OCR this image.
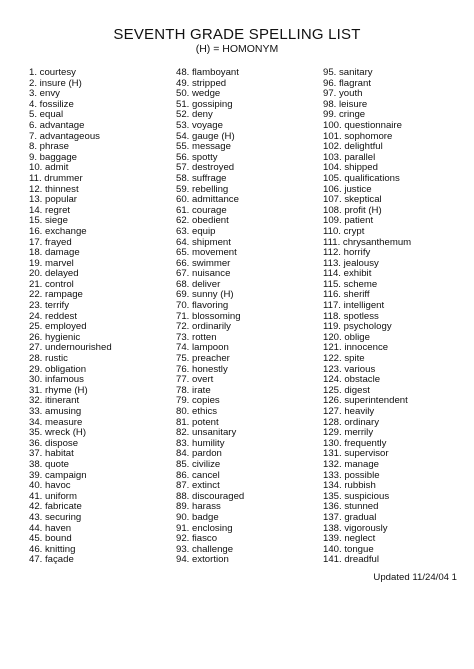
SEVENTH GRADE SPELLING LIST
(H) = HOMONYM
1. courtesy
2. insure (H)
3. envy
4. fossilize
5. equal
6. advantage
7. advantageous
8. phrase
9. baggage
10. admit
11. drummer
12. thinnest
13. popular
14. regret
15. siege
16. exchange
17. frayed
18. damage
19. marvel
20. delayed
21. control
22. rampage
23. terrify
24. reddest
25. employed
26. hygienic
27. undernourished
28. rustic
29. obligation
30. infamous
31. rhyme (H)
32. itinerant
33. amusing
34. measure
35. wreck (H)
36. dispose
37. habitat
38. quote
39. campaign
40. havoc
41. uniform
42. fabricate
43. securing
44. haven
45. bound
46. knitting
47. façade
48. flamboyant
49. stripped
50. wedge
51. gossiping
52. deny
53. voyage
54. gauge (H)
55. message
56. spotty
57. destroyed
58. suffrage
59. rebelling
60. admittance
61. courage
62. obedient
63. equip
64. shipment
65. movement
66. swimmer
67. nuisance
68. deliver
69. sunny (H)
70. flavoring
71. blossoming
72. ordinarily
73. rotten
74. lampoon
75. preacher
76. honestly
77. overt
78. irate
79. copies
80. ethics
81. potent
82. unsanitary
83. humility
84. pardon
85. civilize
86. cancel
87. extinct
88. discouraged
89. harass
90. badge
91. enclosing
92. fiasco
93. challenge
94. extortion
95. sanitary
96. flagrant
97. youth
98. leisure
99. cringe
100. questionnaire
101. sophomore
102. delightful
103. parallel
104. shipped
105. qualifications
106. justice
107. skeptical
108. profit (H)
109. patient
110. crypt
111. chrysanthemum
112. horrify
113. jealousy
114. exhibit
115. scheme
116. sheriff
117. intelligent
118. spotless
119. psychology
120. oblige
121. innocence
122. spite
123. various
124. obstacle
125. digest
126. superintendent
127. heavily
128. ordinary
129. merrily
130. frequently
131. supervisor
132. manage
133. possible
134. rubbish
135. suspicious
136. stunned
137. gradual
138. vigorously
139. neglect
140. tongue
141. dreadful
Updated 11/24/04 1
